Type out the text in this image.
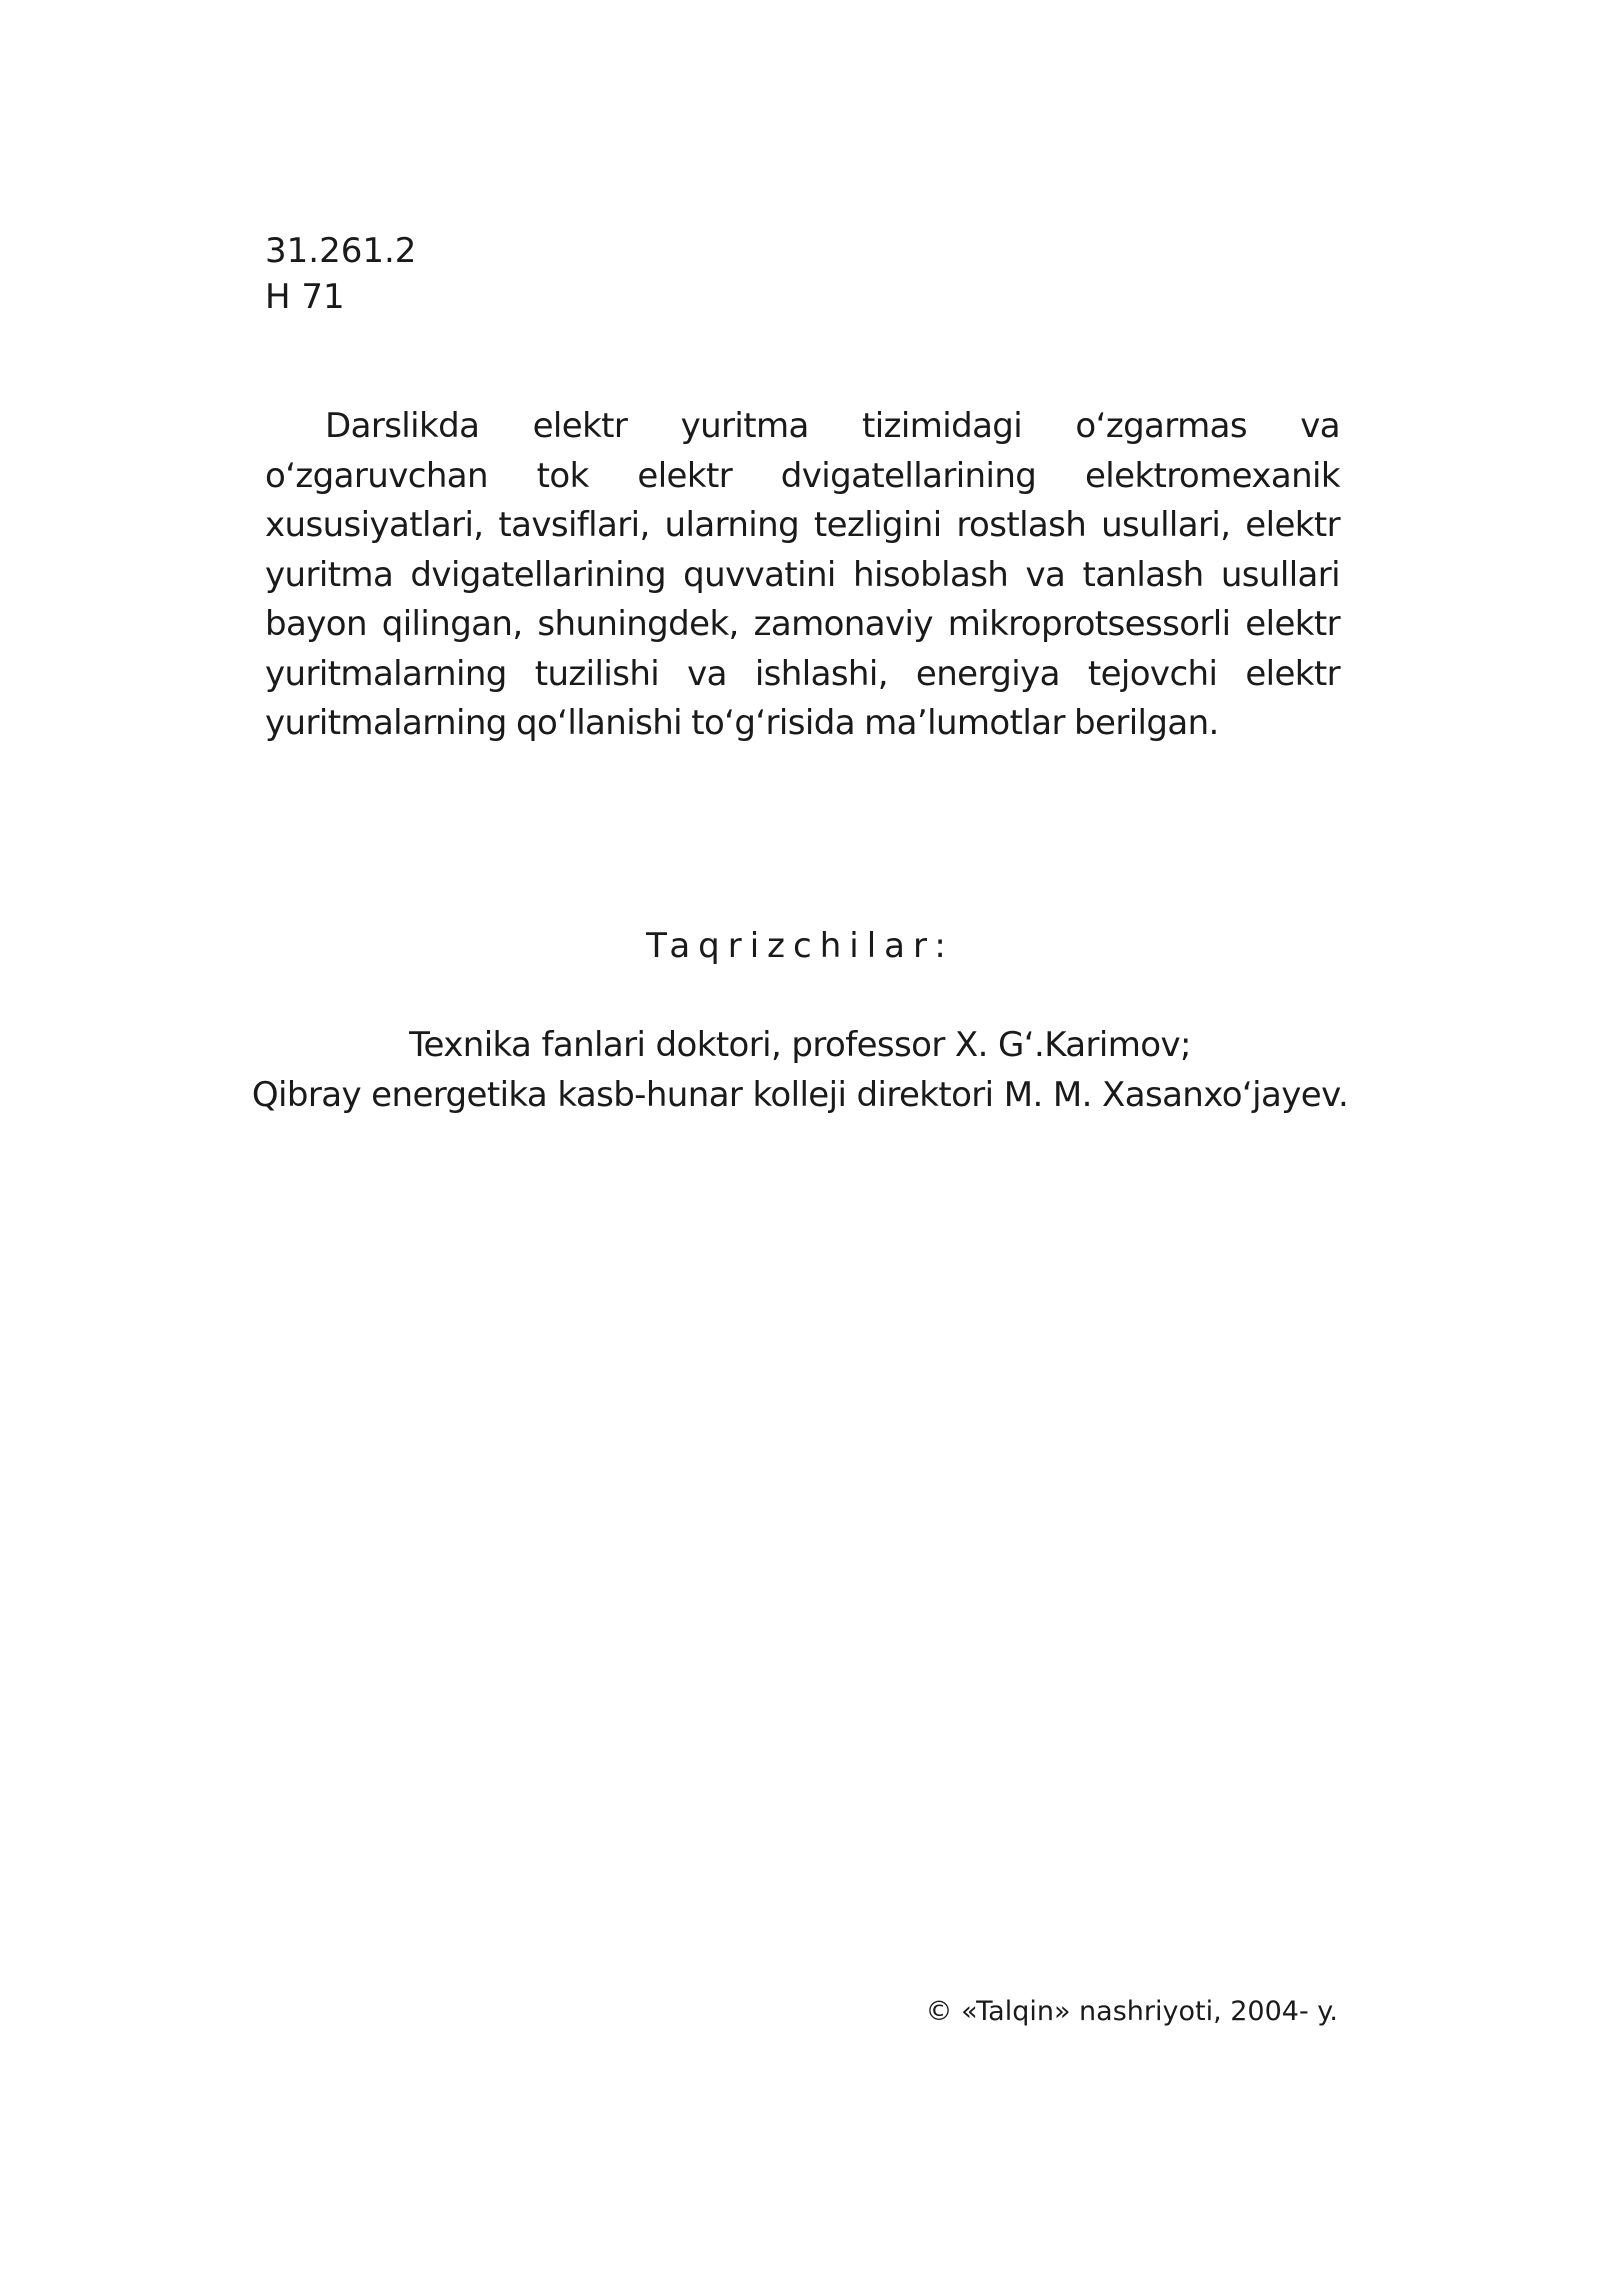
31.261.2
H 71

Darslikda elektr yuritma tizimidagi o‘zgarmas va o‘zgaruvchan tok elektr dvigatellarining elektromexanik xususiyatlari, tavsiflari, ularning tezligini rostlash usullari, elektr yuritma dvigatellarining quvvatini hisoblash va tanlash usullari bayon qilingan, shuningdek, zamonaviy mikroprotsessorli elektr yuritmalarning tuzilishi va ishlashi, energiya tejovchi elektr yuritmalarning qo‘llanishi to‘g‘risida ma’lumotlar berilgan.

Taqrizchilar:
Texnika fanlari doktori, professor X. G‘.Karimov;
Qibray energetika kasb-hunar kolleji direktori M. M. Xasanxo‘jayev.
© «Talqin» nashriyoti, 2004- y.
